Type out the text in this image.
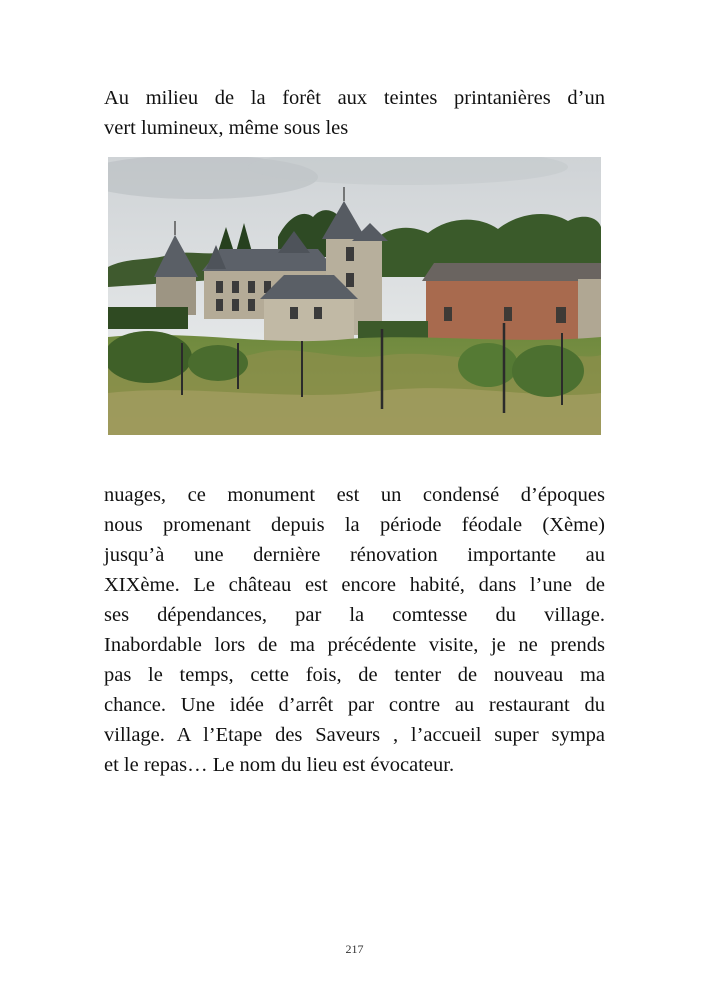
Au milieu de la forêt aux teintes printanières d’un
vert lumineux, même sous les

nuages, ce monument est un condensé d’époques
nous promenant depuis la période féodale (Xème)
jusqu’à une dernière rénovation importante au
XIXème. Le château est encore habité, dans l’une de
ses dépendances, par la comtesse du village.
Inabordable lors de ma précédente visite, je ne prends
pas le temps, cette fois, de tenter de nouveau ma
chance. Une idée d’arrêt par contre au restaurant du
village. A l’Etape des Saveurs , l’accueil super sympa
et le repas… Le nom du lieu est évocateur.

217
